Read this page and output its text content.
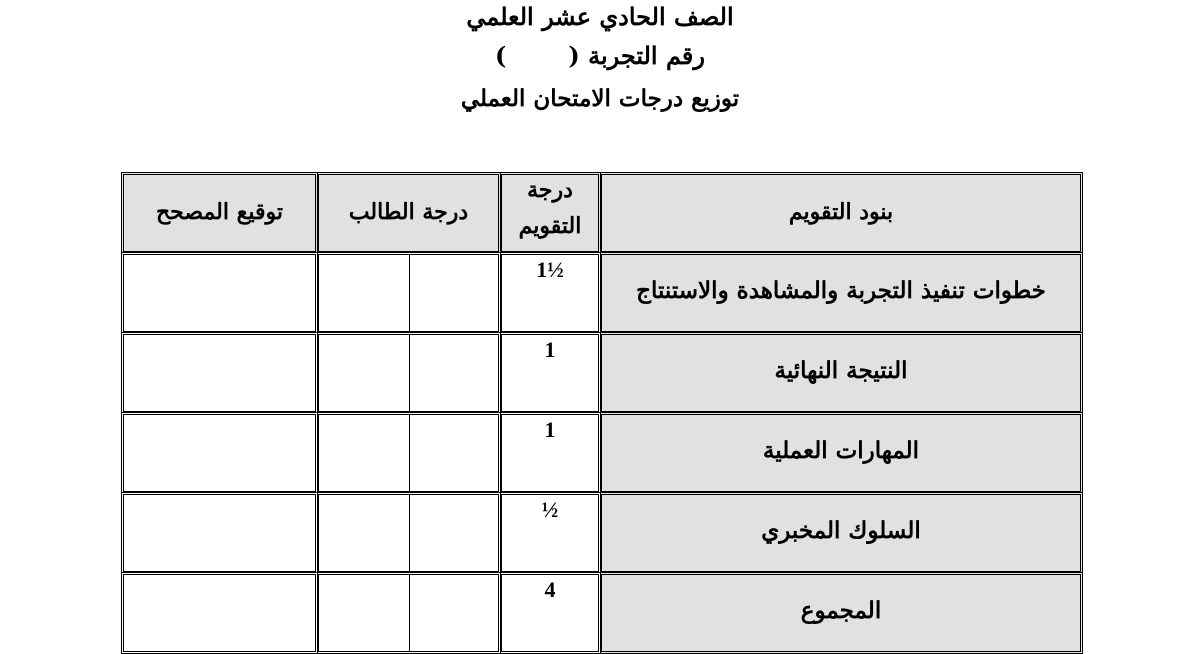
الصف الحادي عشر العلمي
رقم التجربة ()
توزيع درجات الامتحان العملي
بنود التقويم
درجة
التقويم
درجة الطالب
توقيع المصحح
خطوات تنفيذ التجربة والمشاهدة والاستنتاج
1½
النتيجة النهائية
1
المهارات العملية
1
السلوك المخبري
½
المجموع
4
